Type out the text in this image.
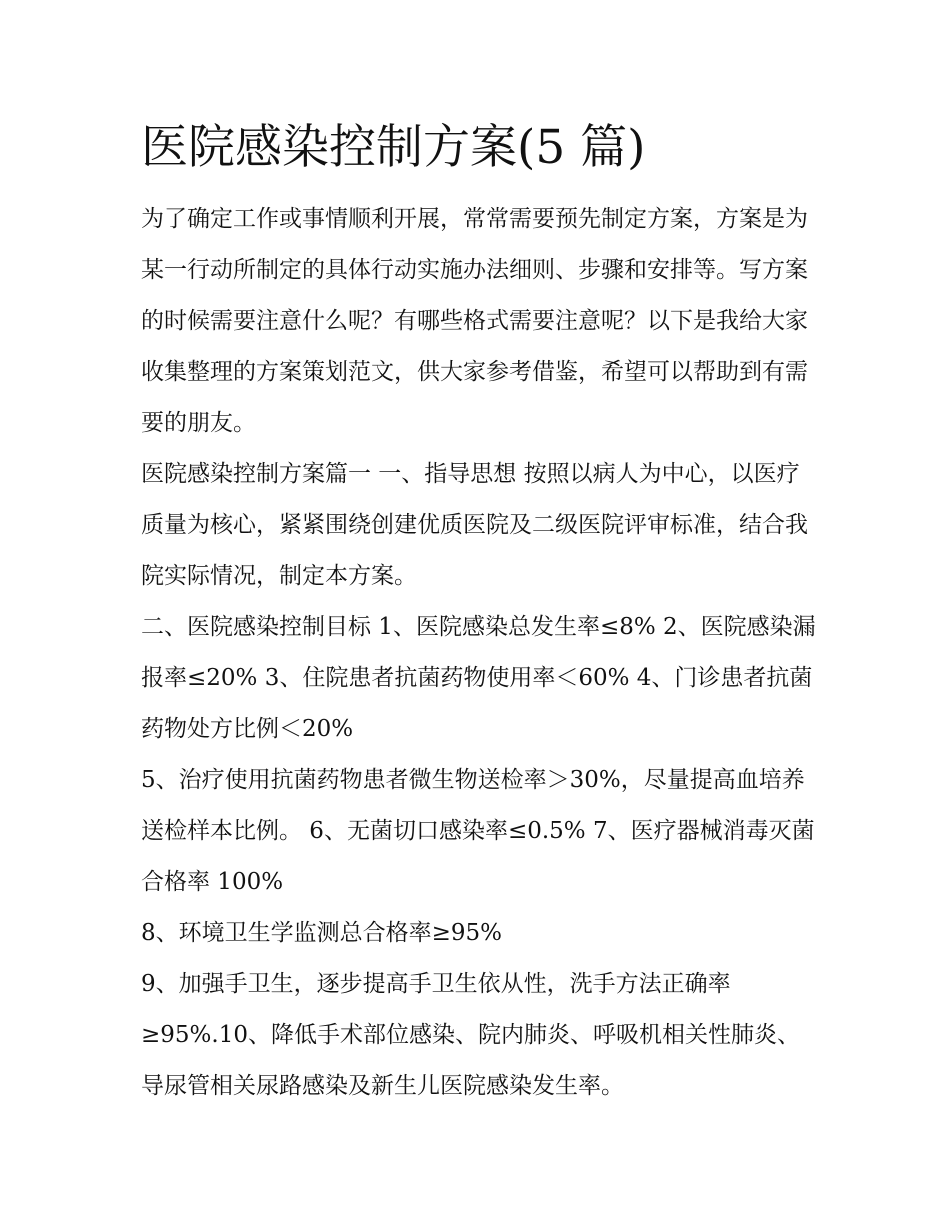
医院感染控制方案(5 篇)

为了确定工作或事情顺利开展，常常需要预先制定方案，方案是为某一行动所制定的具体行动实施办法细则、步骤和安排等。写方案的时候需要注意什么呢？有哪些格式需要注意呢？以下是我给大家收集整理的方案策划范文，供大家参考借鉴，希望可以帮助到有需要的朋友。

医院感染控制方案篇一 一、指导思想 按照以病人为中心，以医疗质量为核心，紧紧围绕创建优质医院及二级医院评审标准，结合我院实际情况，制定本方案。

二、医院感染控制目标 1、医院感染总发生率≤8% 2、医院感染漏报率≤20% 3、住院患者抗菌药物使用率＜60% 4、门诊患者抗菌药物处方比例＜20%

5、治疗使用抗菌药物患者微生物送检率＞30%，尽量提高血培养送检样本比例。 6、无菌切口感染率≤0.5% 7、医疗器械消毒灭菌合格率 100%

8、环境卫生学监测总合格率≥95%

9、加强手卫生，逐步提高手卫生依从性，洗手方法正确率≥95%.10、降低手术部位感染、院内肺炎、呼吸机相关性肺炎、导尿管相关尿路感染及新生儿医院感染发生率。
